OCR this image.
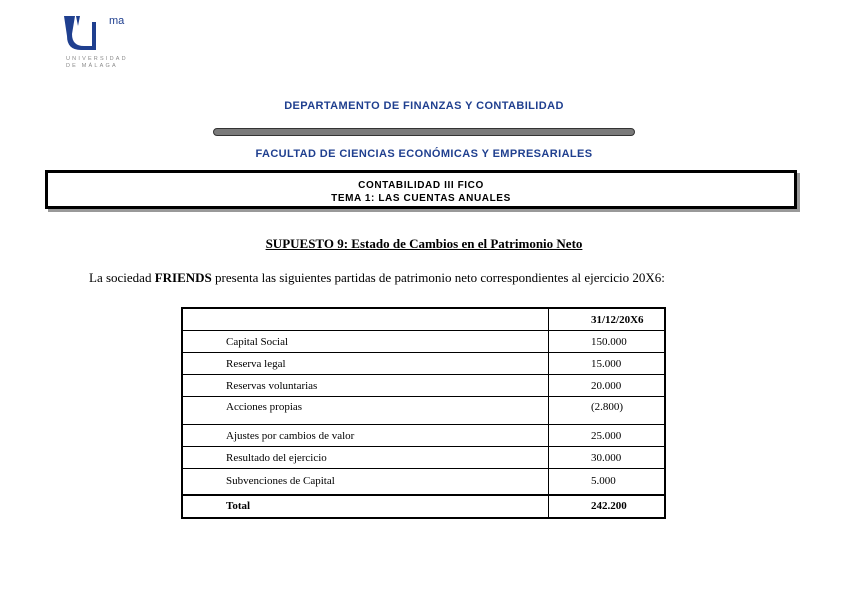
ma
UNIVERSIDAD
DE MÁLAGA
DEPARTAMENTO DE FINANZAS Y CONTABILIDAD
FACULTAD DE CIENCIAS ECONÓMICAS Y EMPRESARIALES
CONTABILIDAD III FICO
TEMA 1: LAS CUENTAS ANUALES
SUPUESTO 9: Estado de Cambios en el Patrimonio Neto
La sociedad FRIENDS presenta las siguientes partidas de patrimonio neto correspondientes al ejercicio 20X6:
	31/12/20X6
Capital Social	150.000
Reserva legal	15.000
Reservas voluntarias	20.000
Acciones propias	(2.800)
Ajustes por cambios de valor	25.000
Resultado del ejercicio	30.000
Subvenciones de Capital	5.000
Total	242.200
